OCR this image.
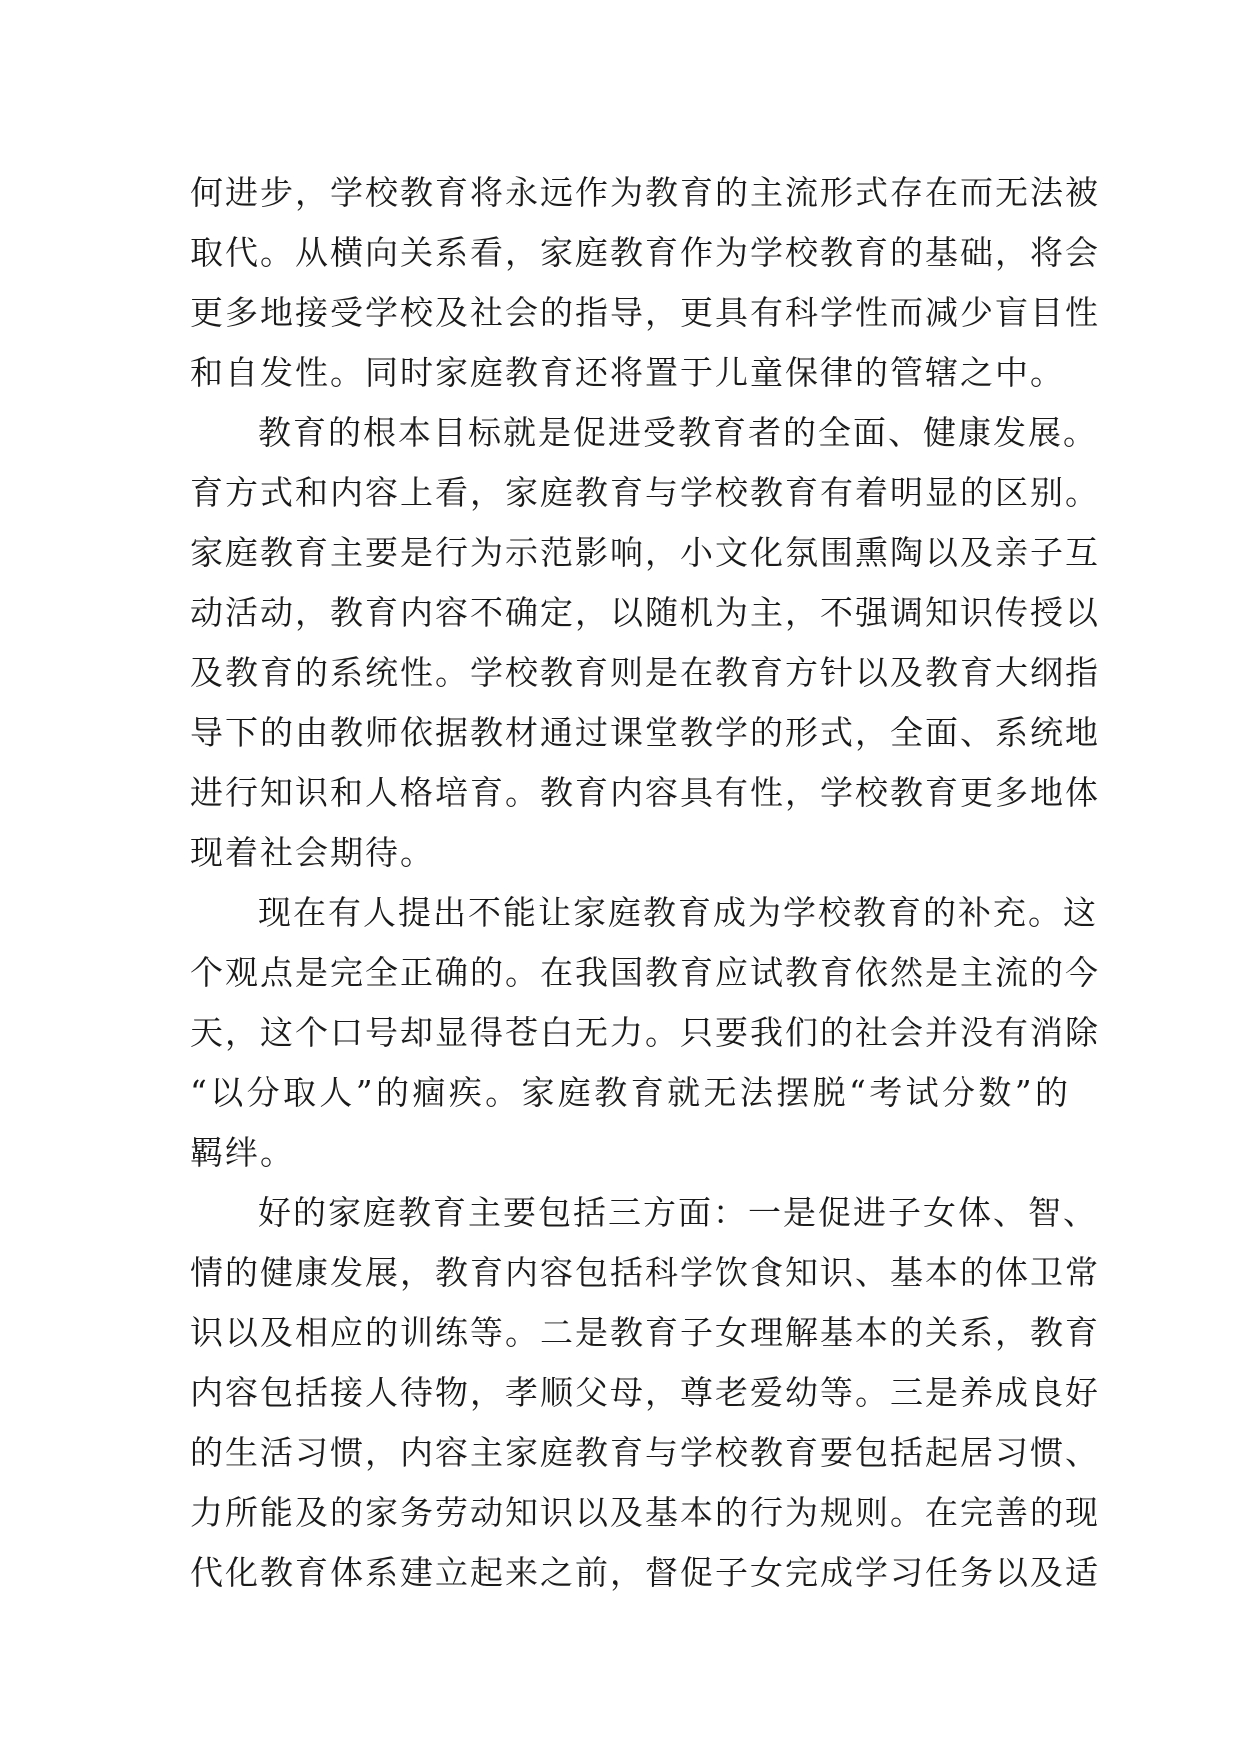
何进步，学校教育将永远作为教育的主流形式存在而无法被
取代。从横向关系看，家庭教育作为学校教育的基础，将会
更多地接受学校及社会的指导，更具有科学性而减少盲目性
和自发性。同时家庭教育还将置于儿童保律的管辖之中。
教育的根本目标就是促进受教育者的全面、健康发展。
育方式和内容上看，家庭教育与学校教育有着明显的区别。
家庭教育主要是行为示范影响，小文化氛围熏陶以及亲子互
动活动，教育内容不确定，以随机为主，不强调知识传授以
及教育的系统性。学校教育则是在教育方针以及教育大纲指
导下的由教师依据教材通过课堂教学的形式，全面、系统地
进行知识和人格培育。教育内容具有性，学校教育更多地体
现着社会期待。
现在有人提出不能让家庭教育成为学校教育的补充。这
个观点是完全正确的。在我国教育应试教育依然是主流的今
天，这个口号却显得苍白无力。只要我们的社会并没有消除
“以分取人”的痼疾。家庭教育就无法摆脱“考试分数”的
羁绊。
好的家庭教育主要包括三方面：一是促进子女体、智、
情的健康发展，教育内容包括科学饮食知识、基本的体卫常
识以及相应的训练等。二是教育子女理解基本的关系，教育
内容包括接人待物，孝顺父母，尊老爱幼等。三是养成良好
的生活习惯，内容主家庭教育与学校教育要包括起居习惯、
力所能及的家务劳动知识以及基本的行为规则。在完善的现
代化教育体系建立起来之前，督促子女完成学习任务以及适
